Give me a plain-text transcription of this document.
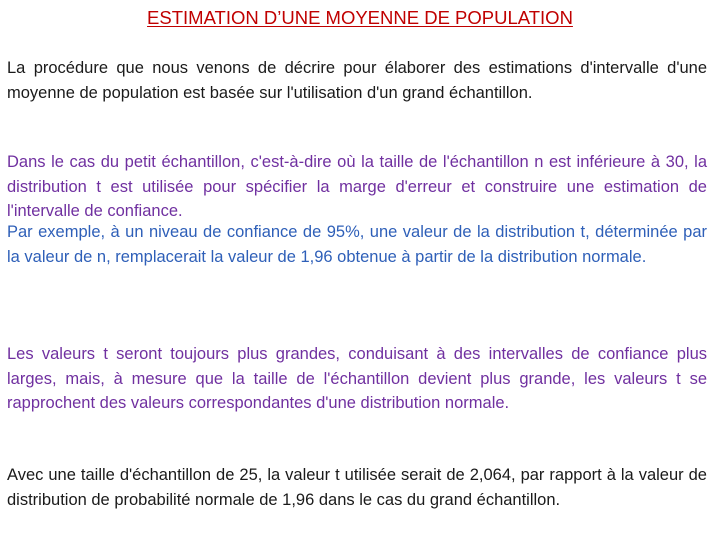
ESTIMATION D’UNE MOYENNE DE POPULATION

La procédure que nous venons de décrire pour élaborer des estimations d'intervalle d'une moyenne de population est basée sur l'utilisation d'un grand échantillon.

Dans le cas du petit échantillon, c'est-à-dire où la taille de l'échantillon n est inférieure à 30, la distribution t est utilisée pour spécifier la marge d'erreur et construire une estimation de l'intervalle de confiance.

Par exemple, à un niveau de confiance de 95%, une valeur de la distribution t, déterminée par la valeur de n, remplacerait la valeur de 1,96 obtenue à partir de la distribution normale.

Les valeurs t seront toujours plus grandes, conduisant à des intervalles de confiance plus larges, mais, à mesure que la taille de l'échantillon devient plus grande, les valeurs t se rapprochent des valeurs correspondantes d'une distribution normale.

Avec une taille d'échantillon de 25, la valeur t utilisée serait de 2,064, par rapport à la valeur de distribution de probabilité normale de 1,96 dans le cas du grand échantillon.
